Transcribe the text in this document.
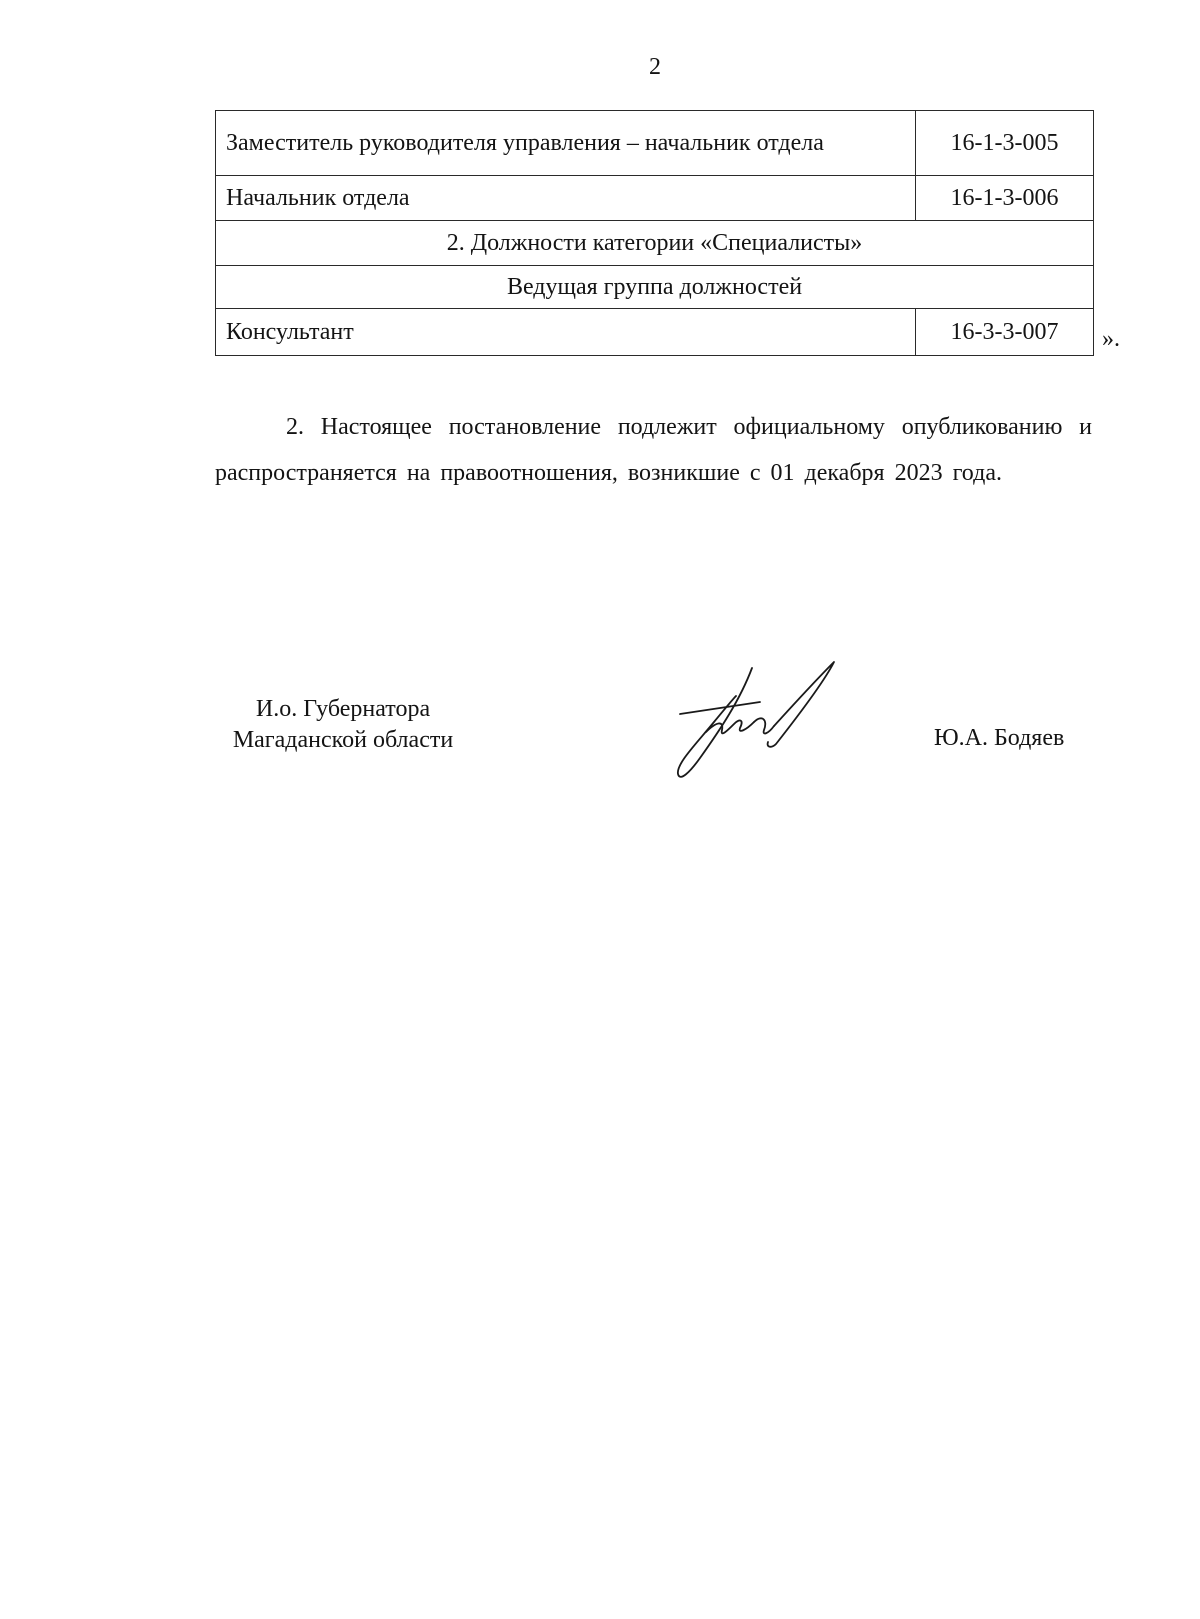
2
Заместитель руководителя управления – начальник отдела	16-1-3-005
Начальник отдела	16-1-3-006
2. Должности категории «Специалисты»	
Ведущая группа должностей	
Консультант	16-3-3-007 ».

2. Настоящее постановление подлежит официальному опубликованию и распространяется на правоотношения, возникшие с 01 декабря 2023 года.

И.о. Губернатора
Магаданской области	Ю.А. Бодяев
